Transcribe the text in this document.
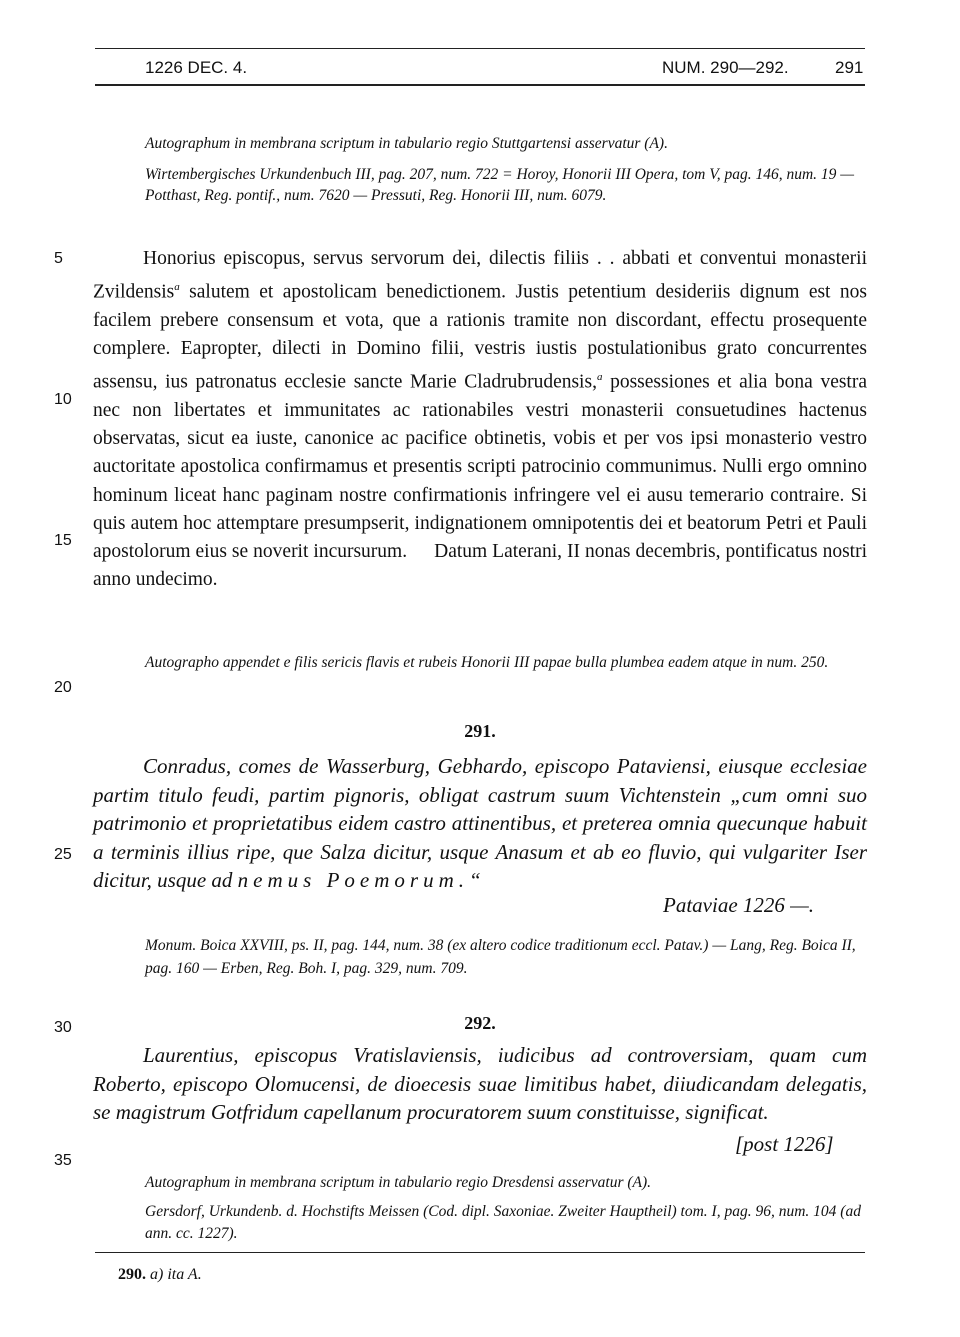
1226 DEC. 4.	NUM. 290—292.	291
Autographum in membrana scriptum in tabulario regio Stuttgartensi asservatur (A).
Wirtembergisches Urkundenbuch III, pag. 207, num. 722 = Horoy, Honorii III Opera, tom V, pag. 146, num. 19 — Potthast, Reg. pontif., num. 7620 — Pressuti, Reg. Honorii III, num. 6079.
5
10
15
20
25
30
35

Honorius episcopus, servus servorum dei, dilectis filiis . . abbati et conventui monasterii Zvildensis$^a$ salutem et apostolicam benedictionem. Justis petentium desideriis dignum est nos facilem prebere consensum et vota, que a rationis tramite non discordant, effectu prosequente complere. Eapropter, dilecti in Domino filii, vestris iustis postulationibus grato concurrentes assensu, ius patronatus ecclesie sancte Marie Cladrubrudensis,$^a$ possessiones et alia bona vestra nec non libertates et immunitates ac rationabiles vestri monasterii consuetudines hactenus observatas, sicut ea iuste, canonice ac pacifice obtinetis, vobis et per vos ipsi monasterio vestro auctoritate apostolica confirmamus et presentis scripti patrocinio communimus. Nulli ergo omnino hominum liceat hanc paginam nostre confirmationis infringere vel ei ausu temerario contraire. Si quis autem hoc attemptare presumpserit, indignationem omnipotentis dei et beatorum Petri et Pauli apostolorum eius se noverit incursurum. Datum Laterani, II nonas decembris, pontificatus nostri anno undecimo.

Autographo appendet e filis sericis flavis et rubeis Honorii III papae bulla plumbea eadem atque in num. 250.
291.

Conradus, comes de Wasserburg, Gebhardo, episcopo Pataviensi, eiusque ecclesiae partim titulo feudi, partim pignoris, obligat castrum suum Vichtenstein „cum omni suo patrimonio et proprietatibus eidem castro attinentibus, et preterea omnia quecunque habuit a terminis illius ripe, que Salza dicitur, usque Anasum et ab eo fluvio, qui vulgariter Iser dicitur, usque ad nemus Poemorum.“

Pataviae 1226 —.
Monum. Boica XXVIII, ps. II, pag. 144, num. 38 (ex altero codice traditionum eccl. Patav.) — Lang, Reg. Boica II, pag. 160 — Erben, Reg. Boh. I, pag. 329, num. 709.
292.

Laurentius, episcopus Vratislaviensis, iudicibus ad controversiam, quam cum Roberto, episcopo Olomucensi, de dioecesis suae limitibus habet, diiudicandam delegatis, se magistrum Gotfridum capellanum procuratorem suum constituisse, significat.

[post 1226]
Autographum in membrana scriptum in tabulario regio Dresdensi asservatur (A).
Gersdorf, Urkundenb. d. Hochstifts Meissen (Cod. dipl. Saxoniae. Zweiter Hauptheil) tom. I, pag. 96, num. 104 (ad ann. cc. 1227).
290. a) ita A.
